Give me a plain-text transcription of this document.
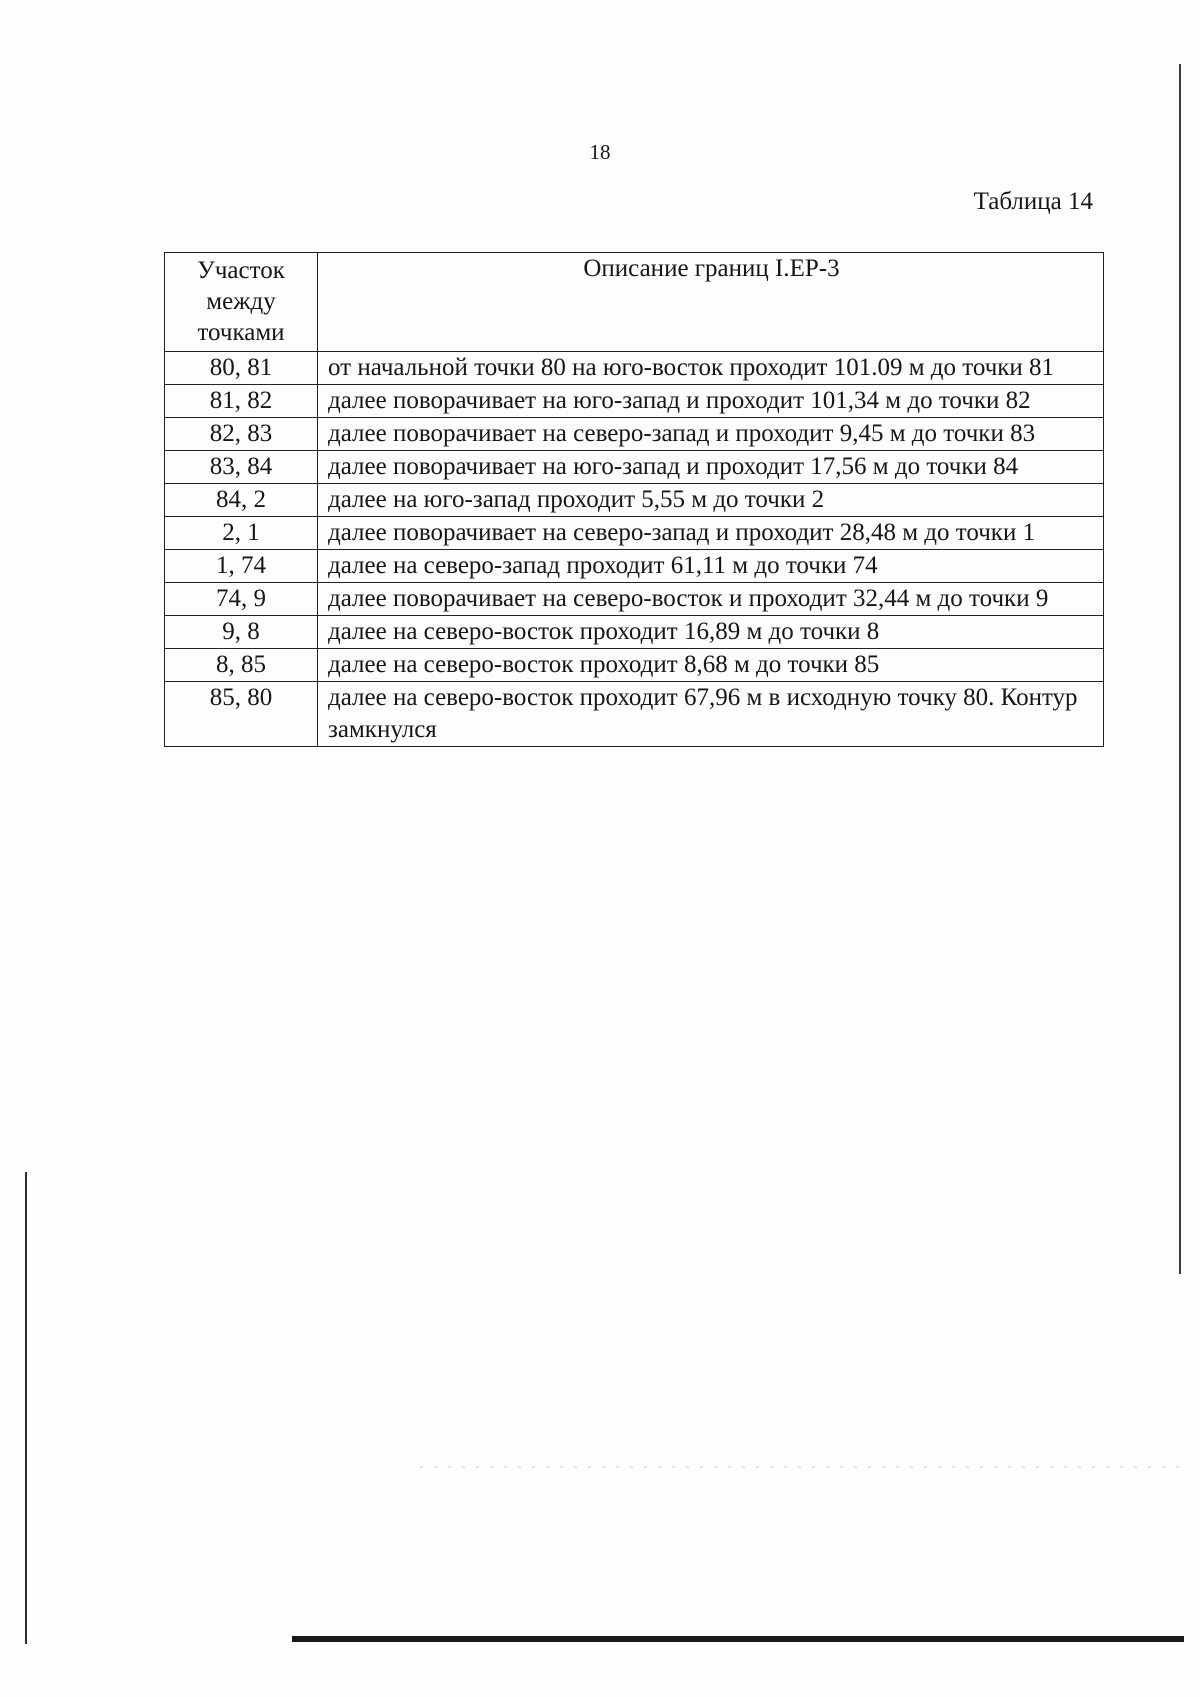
18
Таблица 14
Участок
между
точками	Описание границ I.ЕР-3
80, 81	от начальной точки 80 на юго-восток проходит 101.09 м до точки 81
81, 82	далее поворачивает на юго-запад и проходит 101,34 м до точки 82
82, 83	далее поворачивает на северо-запад и проходит 9,45 м до точки 83
83, 84	далее поворачивает на юго-запад и проходит 17,56 м до точки 84
84, 2	далее на юго-запад проходит 5,55 м до точки 2
2, 1	далее поворачивает на северо-запад и проходит 28,48 м до точки 1
1, 74	далее на северо-запад проходит 61,11 м до точки 74
74, 9	далее поворачивает на северо-восток и проходит 32,44 м до точки 9
9, 8	далее на северо-восток проходит 16,89 м до точки 8
8, 85	далее на северо-восток проходит 8,68 м до точки 85
85, 80	далее на северо-восток проходит 67,96 м в исходную точку 80. Контур замкнулся
